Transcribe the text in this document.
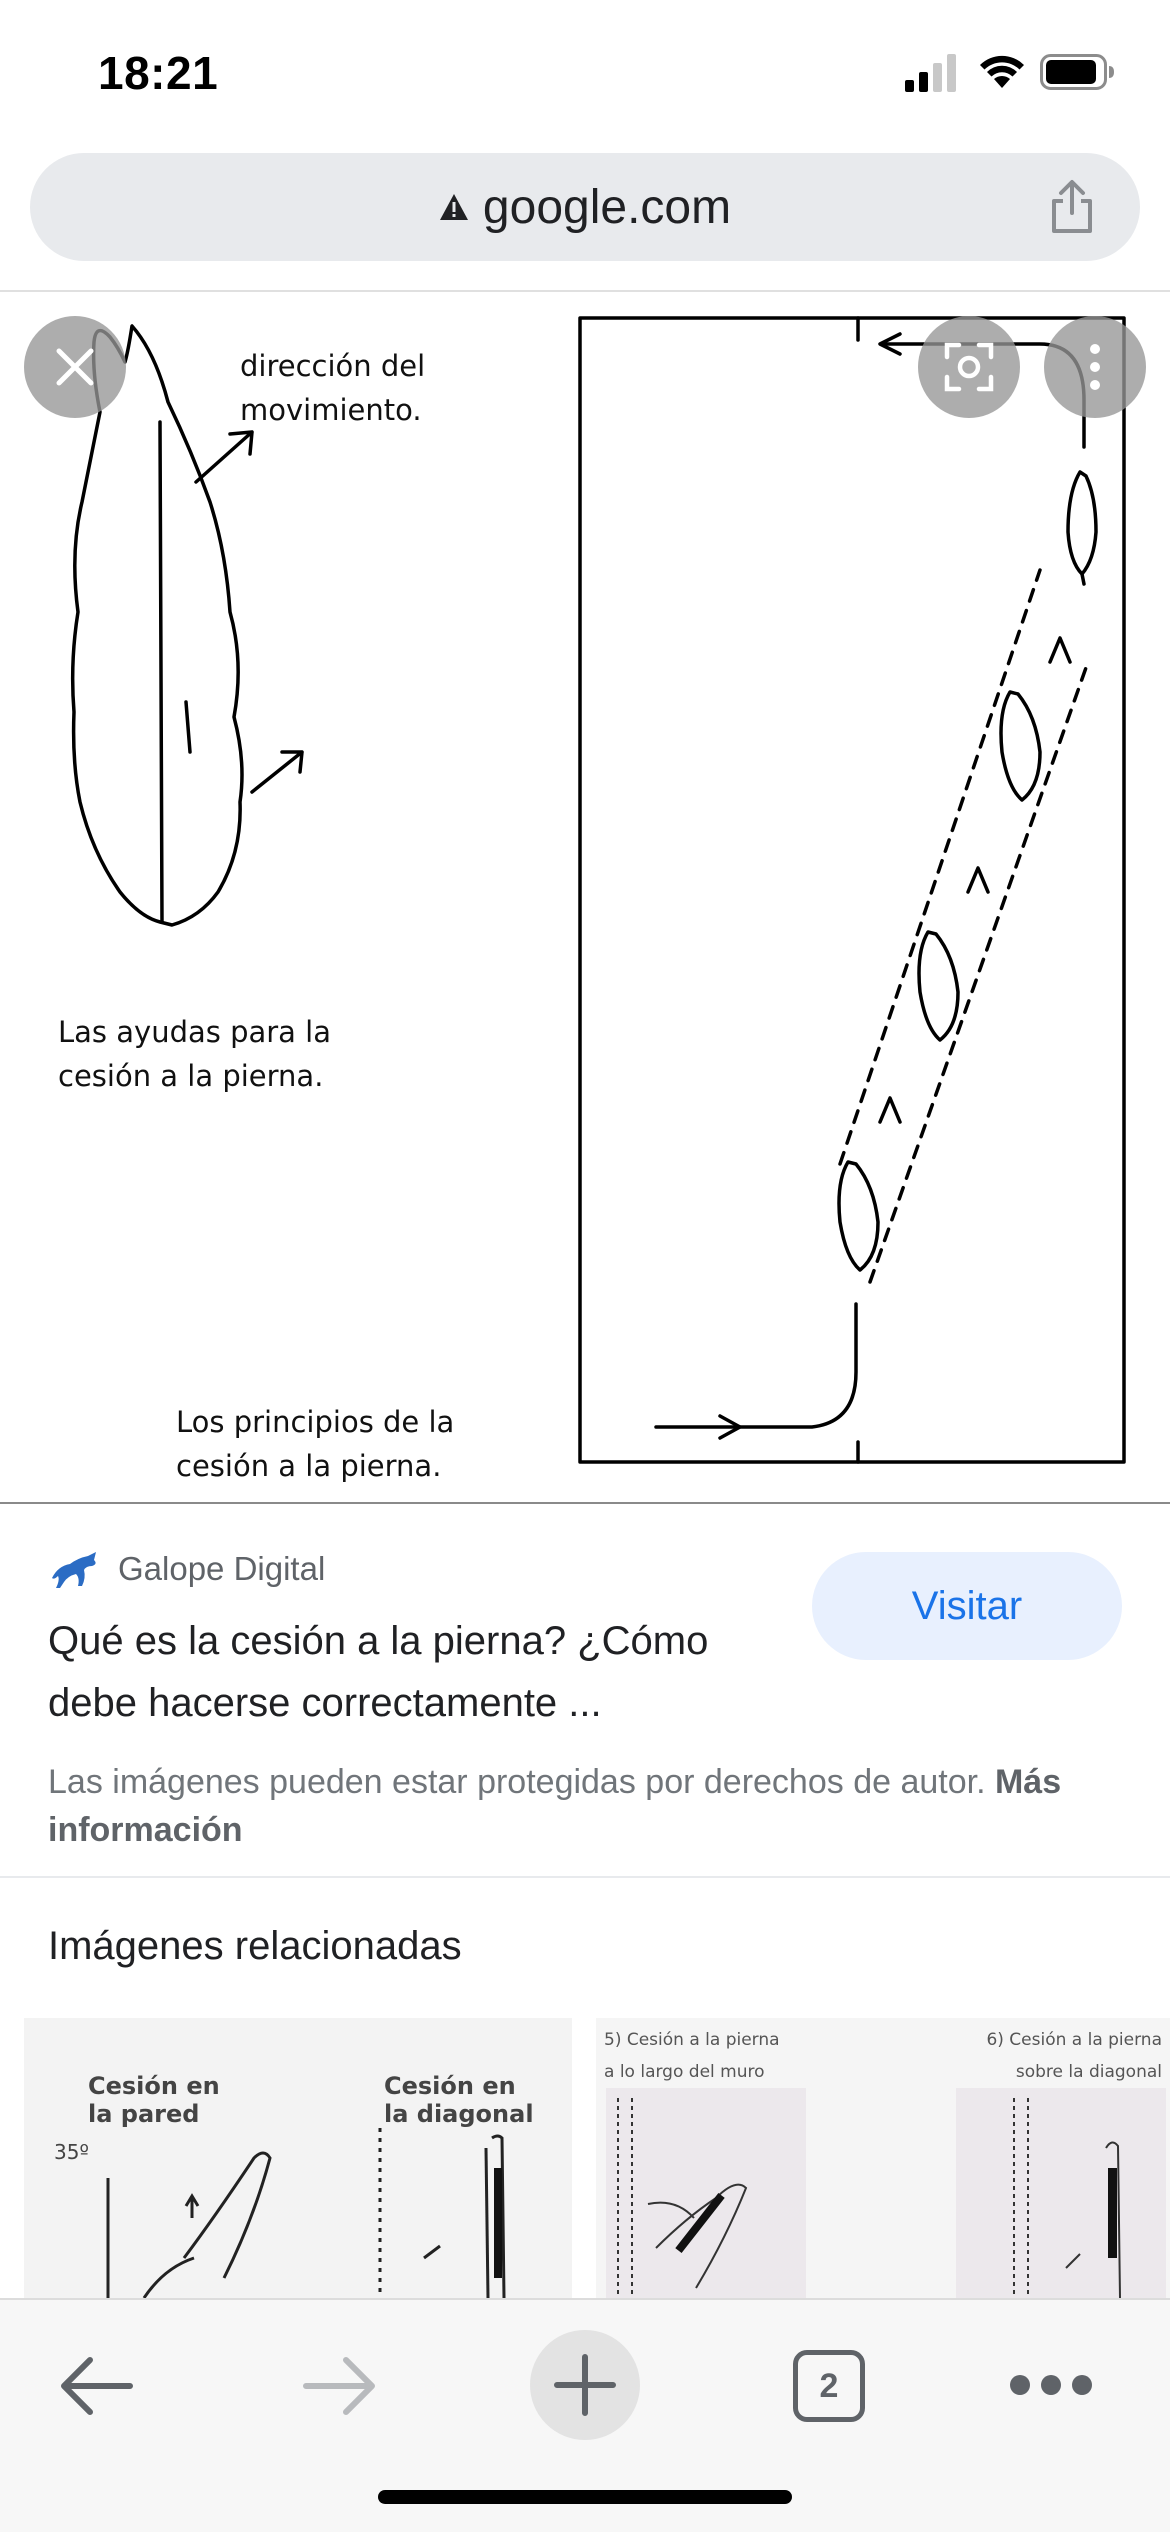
18:21
google.com
dirección del
movimiento.
Las ayudas para la
cesión a la pierna.
Los principios de la
cesión a la pierna.
Galope Digital
Visitar
Qué es la cesión a la pierna? ¿Cómo debe hacerse correctamente ...
Las imágenes pueden estar protegidas por derechos de autor. Más información
Imágenes relacionadas
Cesión en
la pared
Cesión en
la diagonal
35º
5) Cesión a la pierna
a lo largo del muro
6) Cesión a la pierna
sobre la diagonal
2
